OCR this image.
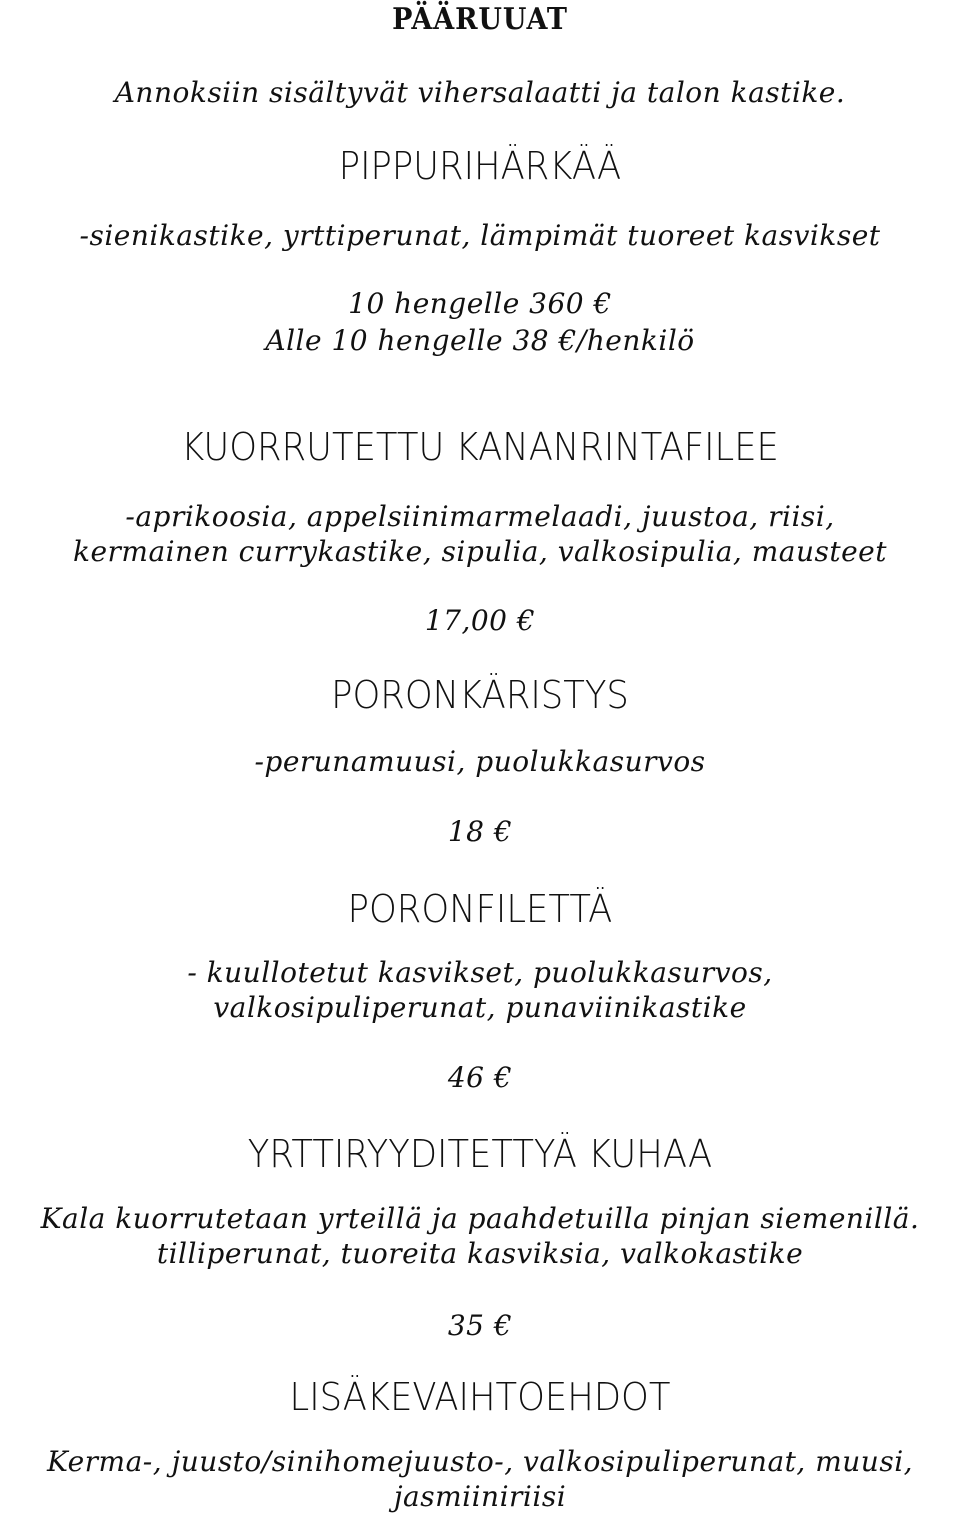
PÄÄRUUAT
Annoksiin sisältyvät vihersalaatti ja talon kastike.
PIPPURIHÄRKÄÄ
-sienikastike, yrttiperunat, lämpimät tuoreet kasvikset
10 hengelle 360 €
Alle 10 hengelle 38 €/henkilö
KUORRUTETTU KANANRINTAFILEE
-aprikoosia, appelsiinimarmelaadi, juustoa, riisi,
kermainen currykastike, sipulia, valkosipulia, mausteet
17,00 €
PORONKÄRISTYS
-perunamuusi, puolukkasurvos
18 €
PORONFILETTÄ
- kuullotetut kasvikset, puolukkasurvos,
valkosipuliperunat, punaviinikastike
46 €
YRTTIRYYDITETTYÄ KUHAA
Kala kuorrutetaan yrteillä ja paahdetuilla pinjan siemenillä.
tilliperunat, tuoreita kasviksia, valkokastike
35 €
LISÄKEVAIHTOEHDOT
Kerma-, juusto/sinihomejuusto-, valkosipuliperunat, muusi,
jasmiiniriisi
